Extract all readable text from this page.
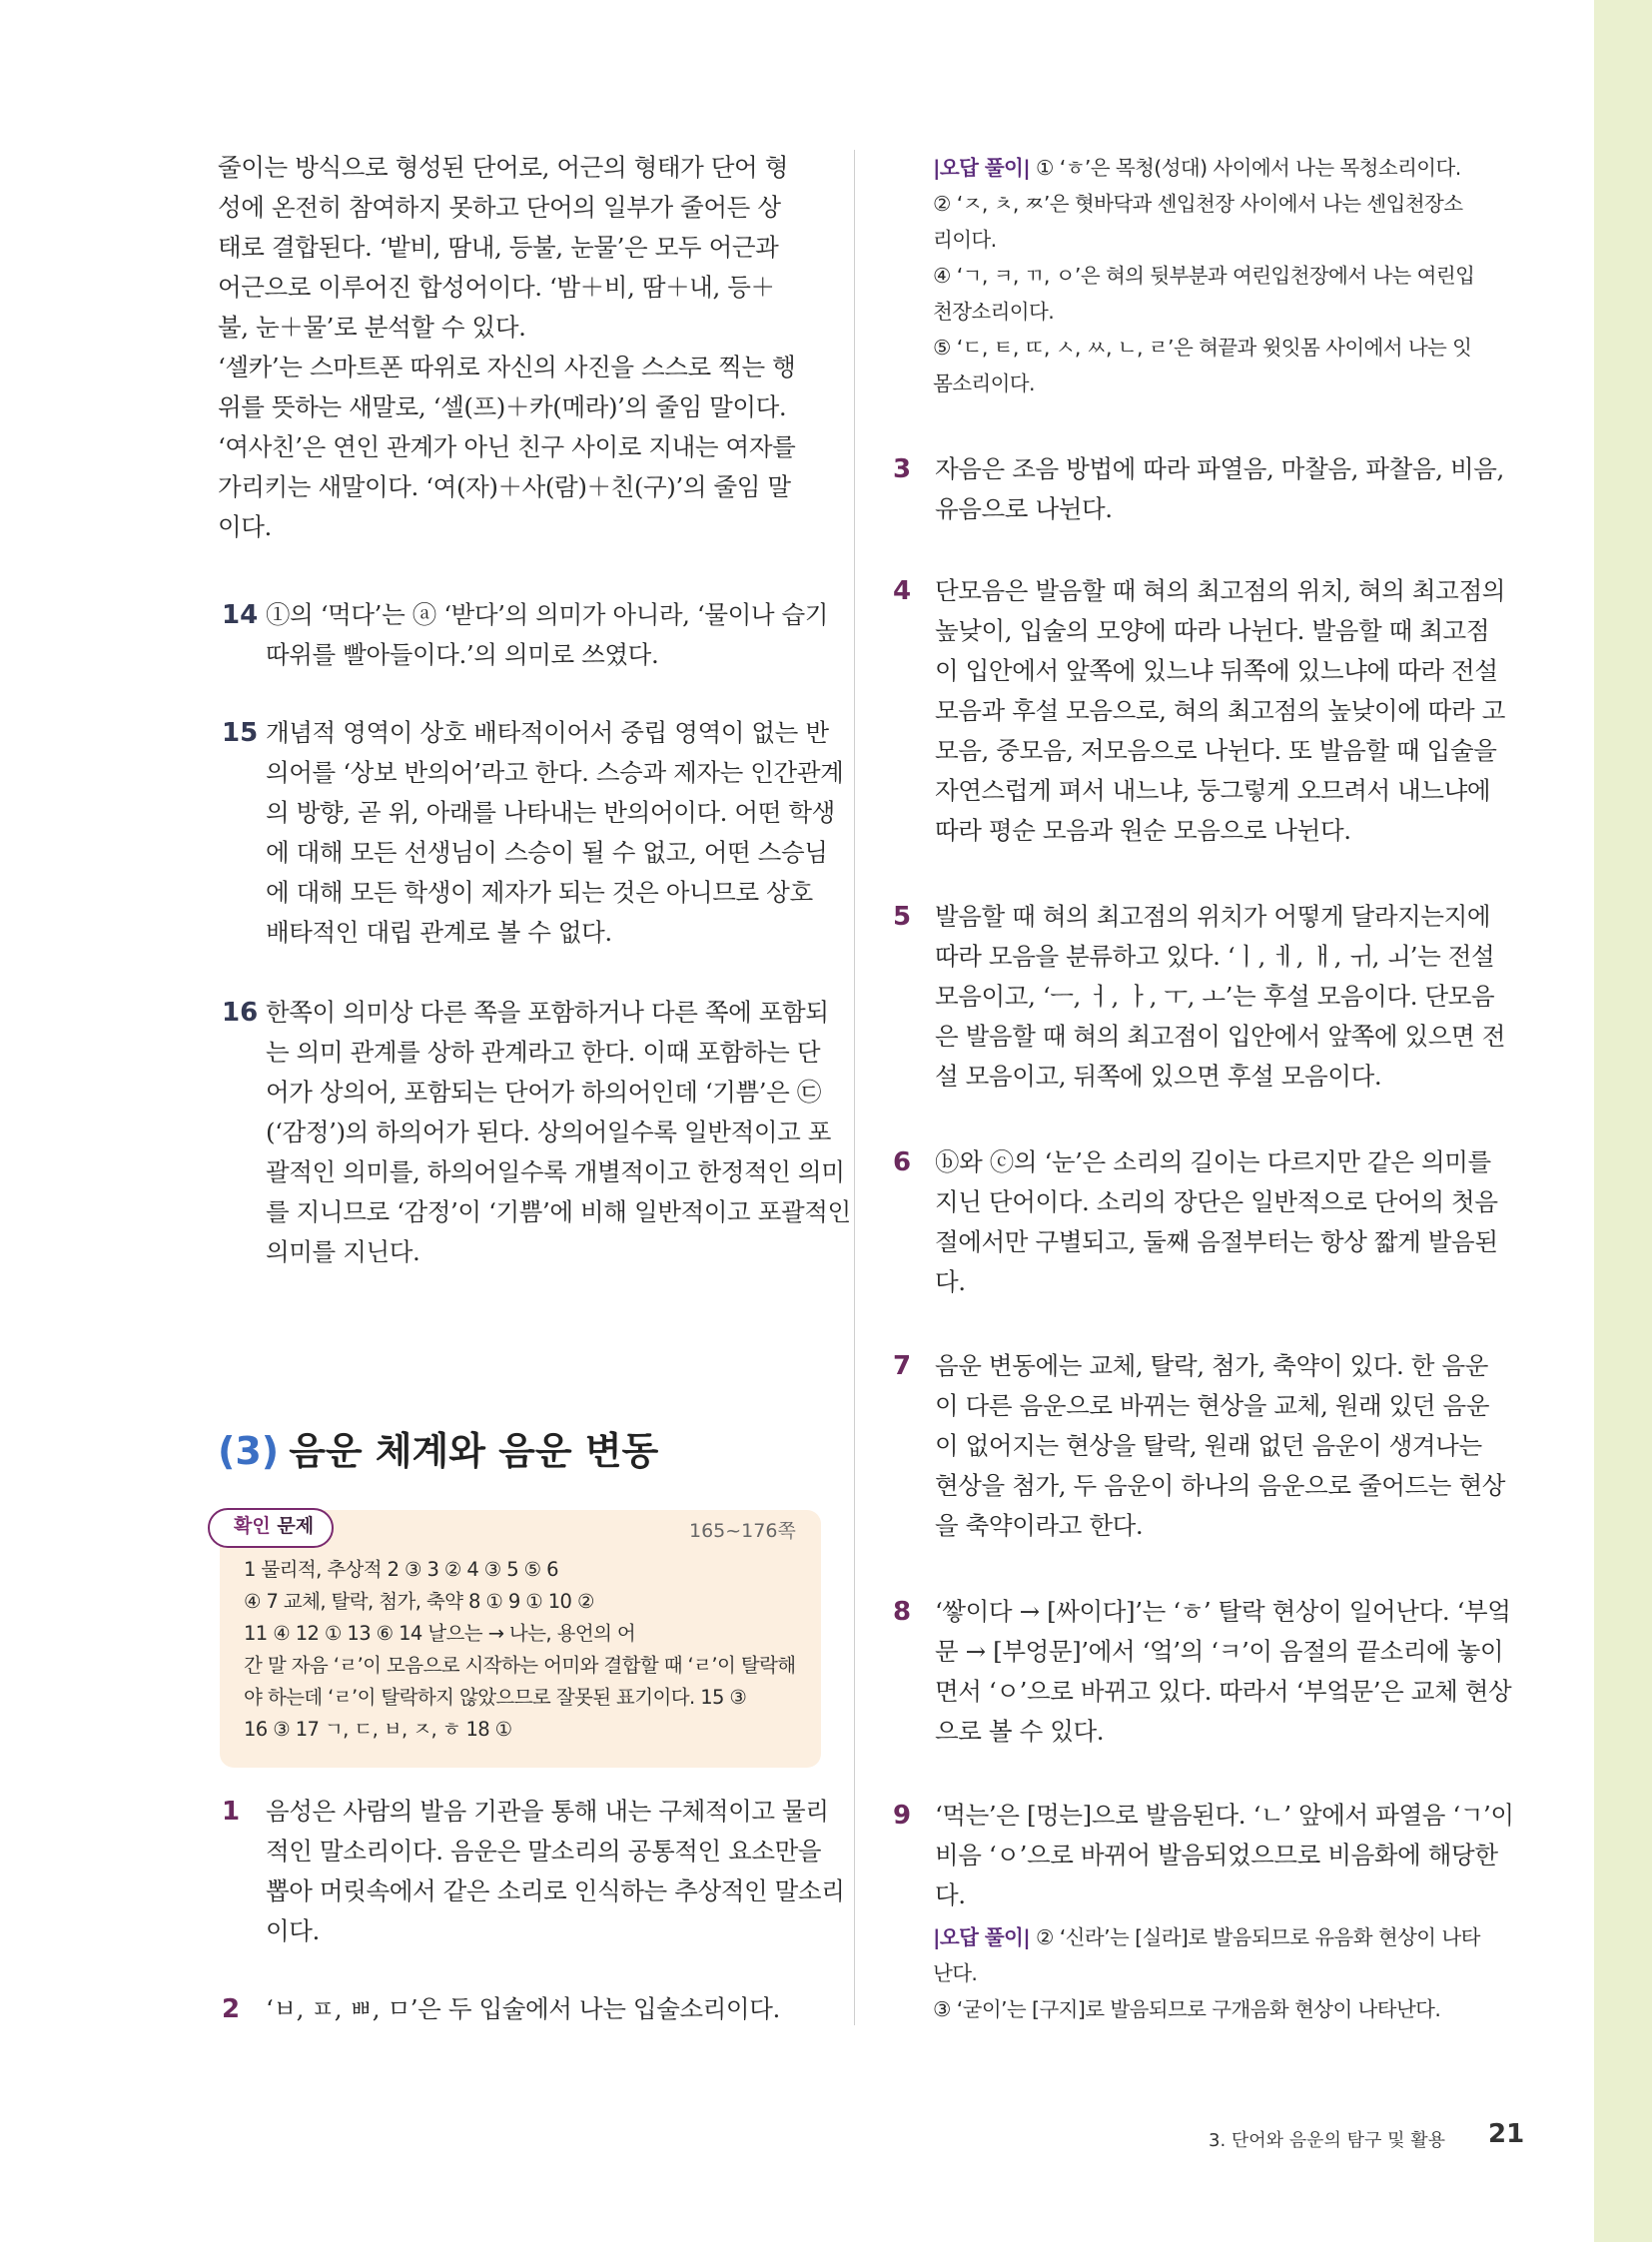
줄이는 방식으로 형성된 단어로, 어근의 형태가 단어 형

성에 온전히 참여하지 못하고 단어의 일부가 줄어든 상

태로 결합된다. ‘밭비, 땀내, 등불, 눈물’은 모두 어근과

어근으로 이루어진 합성어이다. ‘밤＋비, 땀＋내, 등＋

불, 눈＋물’로 분석할 수 있다.

‘셀카’는 스마트폰 따위로 자신의 사진을 스스로 찍는 행

위를 뜻하는 새말로, ‘셀(프)＋카(메라)’의 줄임 말이다.

‘여사친’은 연인 관계가 아닌 친구 사이로 지내는 여자를

가리키는 새말이다. ‘여(자)＋사(람)＋친(구)’의 줄임 말

이다.

14 ①의 ‘먹다’는 ⓐ ‘받다’의 의미가 아니라, ‘물이나 습기

따위를 빨아들이다.’의 의미로 쓰였다.

15 개념적 영역이 상호 배타적이어서 중립 영역이 없는 반

의어를 ‘상보 반의어’라고 한다. 스승과 제자는 인간관계

의 방향, 곧 위, 아래를 나타내는 반의어이다. 어떤 학생

에 대해 모든 선생님이 스승이 될 수 없고, 어떤 스승님

에 대해 모든 학생이 제자가 되는 것은 아니므로 상호

배타적인 대립 관계로 볼 수 없다.

16 한쪽이 의미상 다른 쪽을 포함하거나 다른 쪽에 포함되

는 의미 관계를 상하 관계라고 한다. 이때 포함하는 단

어가 상의어, 포함되는 단어가 하의어인데 ‘기쁨’은 ㉢

(‘감정’)의 하의어가 된다. 상의어일수록 일반적이고 포

괄적인 의미를, 하의어일수록 개별적이고 한정적인 의미

를 지니므로 ‘감정’이 ‘기쁨’에 비해 일반적이고 포괄적인

의미를 지닌다.

(3) 음운 체계와 음운 변동
확인 문제	165~176쪽
1 물리적, 추상적 2 ③ 3 ② 4 ③ 5 ⑤ 6
④ 7 교체, 탈락, 첨가, 축약 8 ① 9 ① 10 ②
11 ④ 12 ① 13 ⑥ 14 날으는 → 나는, 용언의 어
간 말 자음 ‘ㄹ’이 모음으로 시작하는 어미와 결합할 때 ‘ㄹ’이 탈락해
야 하는데 ‘ㄹ’이 탈락하지 않았으므로 잘못된 표기이다. 15 ③
16 ③ 17 ㄱ, ㄷ, ㅂ, ㅈ, ㅎ 18 ①
1 음성은 사람의 발음 기관을 통해 내는 구체적이고 물리

적인 말소리이다. 음운은 말소리의 공통적인 요소만을

뽑아 머릿속에서 같은 소리로 인식하는 추상적인 말소리

이다.

2 ‘ㅂ, ㅍ, ㅃ, ㅁ’은 두 입술에서 나는 입술소리이다.

|오답 풀이| ① ‘ㅎ’은 목청(성대) 사이에서 나는 목청소리이다.

② ‘ㅈ, ㅊ, ㅉ’은 혓바닥과 센입천장 사이에서 나는 센입천장소

리이다.

④ ‘ㄱ, ㅋ, ㄲ, ㅇ’은 혀의 뒷부분과 여린입천장에서 나는 여린입

천장소리이다.

⑤ ‘ㄷ, ㅌ, ㄸ, ㅅ, ㅆ, ㄴ, ㄹ’은 혀끝과 윗잇몸 사이에서 나는 잇

몸소리이다.

3 자음은 조음 방법에 따라 파열음, 마찰음, 파찰음, 비음,

유음으로 나뉜다.

4 단모음은 발음할 때 혀의 최고점의 위치, 혀의 최고점의

높낮이, 입술의 모양에 따라 나뉜다. 발음할 때 최고점

이 입안에서 앞쪽에 있느냐 뒤쪽에 있느냐에 따라 전설

모음과 후설 모음으로, 혀의 최고점의 높낮이에 따라 고

모음, 중모음, 저모음으로 나뉜다. 또 발음할 때 입술을

자연스럽게 펴서 내느냐, 둥그렇게 오므려서 내느냐에

따라 평순 모음과 원순 모음으로 나뉜다.

5 발음할 때 혀의 최고점의 위치가 어떻게 달라지는지에

따라 모음을 분류하고 있다. ‘ㅣ, ㅔ, ㅐ, ㅟ, ㅚ’는 전설

모음이고, ‘ㅡ, ㅓ, ㅏ, ㅜ, ㅗ’는 후설 모음이다. 단모음

은 발음할 때 혀의 최고점이 입안에서 앞쪽에 있으면 전

설 모음이고, 뒤쪽에 있으면 후설 모음이다.

6 ⓑ와 ⓒ의 ‘눈’은 소리의 길이는 다르지만 같은 의미를

지닌 단어이다. 소리의 장단은 일반적으로 단어의 첫음

절에서만 구별되고, 둘째 음절부터는 항상 짧게 발음된

다.

7 음운 변동에는 교체, 탈락, 첨가, 축약이 있다. 한 음운

이 다른 음운으로 바뀌는 현상을 교체, 원래 있던 음운

이 없어지는 현상을 탈락, 원래 없던 음운이 생겨나는

현상을 첨가, 두 음운이 하나의 음운으로 줄어드는 현상

을 축약이라고 한다.

8 ‘쌓이다 → [싸이다]’는 ‘ㅎ’ 탈락 현상이 일어난다. ‘부엌

문 → [부엉문]’에서 ‘엌’의 ‘ㅋ’이 음절의 끝소리에 놓이

면서 ‘ㅇ’으로 바뀌고 있다. 따라서 ‘부엌문’은 교체 현상

으로 볼 수 있다.

9 ‘먹는’은 [멍는]으로 발음된다. ‘ㄴ’ 앞에서 파열음 ‘ㄱ’이

비음 ‘ㅇ’으로 바뀌어 발음되었으므로 비음화에 해당한

다.

|오답 풀이| ② ‘신라’는 [실라]로 발음되므로 유음화 현상이 나타

난다.

③ ‘굳이’는 [구지]로 발음되므로 구개음화 현상이 나타난다.

3. 단어와 음운의 탐구 및 활용 21
